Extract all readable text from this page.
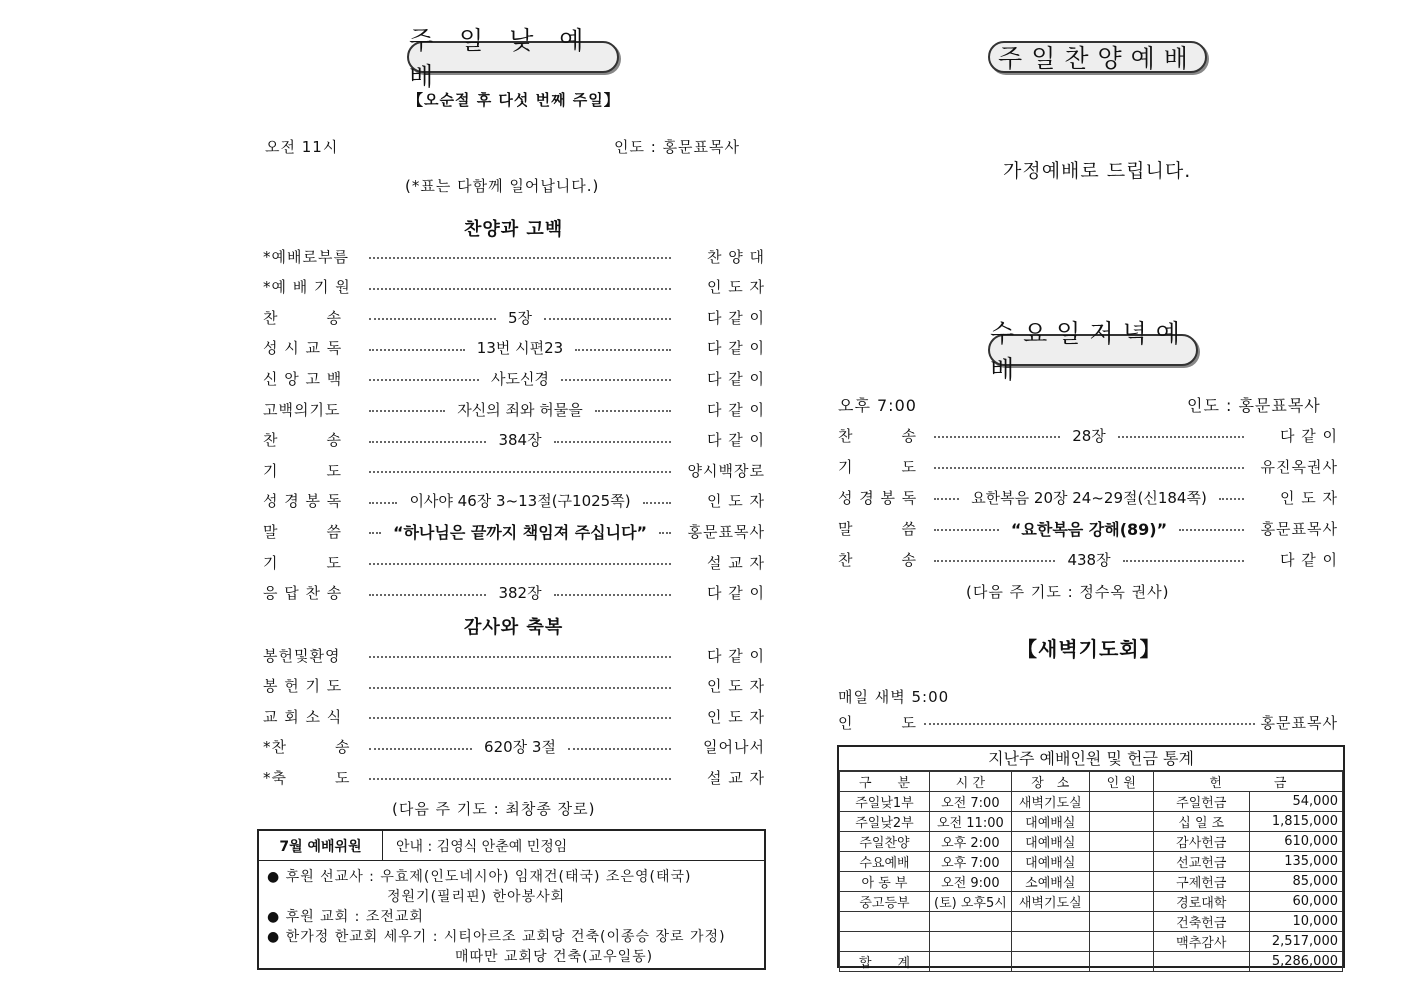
주 일 낮 예 배
【오순절 후 다섯 번째 주일】
오전 11시	인도 : 홍문표목사
(*표는 다함께 일어납니다.)
찬양과 고백
*예배로부름	찬 양 대
*예 배 기 원	인 도 자
찬　　　송	5장	다 같 이
성 시 교 독	13번 시편23	다 같 이
신 앙 고 백	사도신경	다 같 이
고백의기도	자신의 죄와 허물을	다 같 이
찬　　　송	384장	다 같 이
기　　　도	양시백장로
성 경 봉 독	이사야 46장 3~13절(구1025쪽)	인 도 자
말　　　씀	“하나님은 끝까지 책임져 주십니다”	홍문표목사
기　　　도	설 교 자
응 답 찬 송	382장	다 같 이
감사와 축복
봉헌및환영	다 같 이
봉 헌 기 도	인 도 자
교 회 소 식	인 도 자
*찬　　　송	620장 3절	일어나서
*축　　　도	설 교 자
(다음 주 기도 : 최창종 장로)
7월 예배위원	안내 : 김영식 안춘예 민정임
● 후원 선교사 : 우효제(인도네시아) 임재건(태국) 조은영(태국)
정원기(필리핀) 한아봉사회
● 후원 교회 : 조전교회
● 한가정 한교회 세우기 : 시티아르조 교회당 건축(이종승 장로 가정)
매따만 교회당 건축(교우일동)
주일찬양예배
가정예배로 드립니다.
수요일저녁예배
오후 7:00	인도 : 홍문표목사
찬　　　송	28장	다 같 이
기　　　도	유진옥권사
성 경 봉 독	요한복음 20장 24~29절(신184쪽)	인 도 자
말　　　씀	“요한복음 강해(89)”	홍문표목사
찬　　　송	438장	다 같 이
(다음 주 기도 : 정수옥 권사)
【새벽기도회】
매일 새벽 5:00
인　　　도	홍문표목사
지난주 예배인원 및 헌금 통계
구　　분	시 간	장　소	인 원	헌　　　　금	
주일낮1부	오전 7:00	새벽기도실		주일헌금	54,000
주일낮2부	오전 11:00	대예배실		십 일 조	1,815,000
주일찬양	오후 2:00	대예배실		감사헌금	610,000
수요예배	오후 7:00	대예배실		선교헌금	135,000
아 동 부	오전 9:00	소예배실		구제헌금	85,000
중고등부	(토) 오후5시	새벽기도실		경로대학	60,000
				건축헌금	10,000
				맥추감사	2,517,000
합　　계					5,286,000
